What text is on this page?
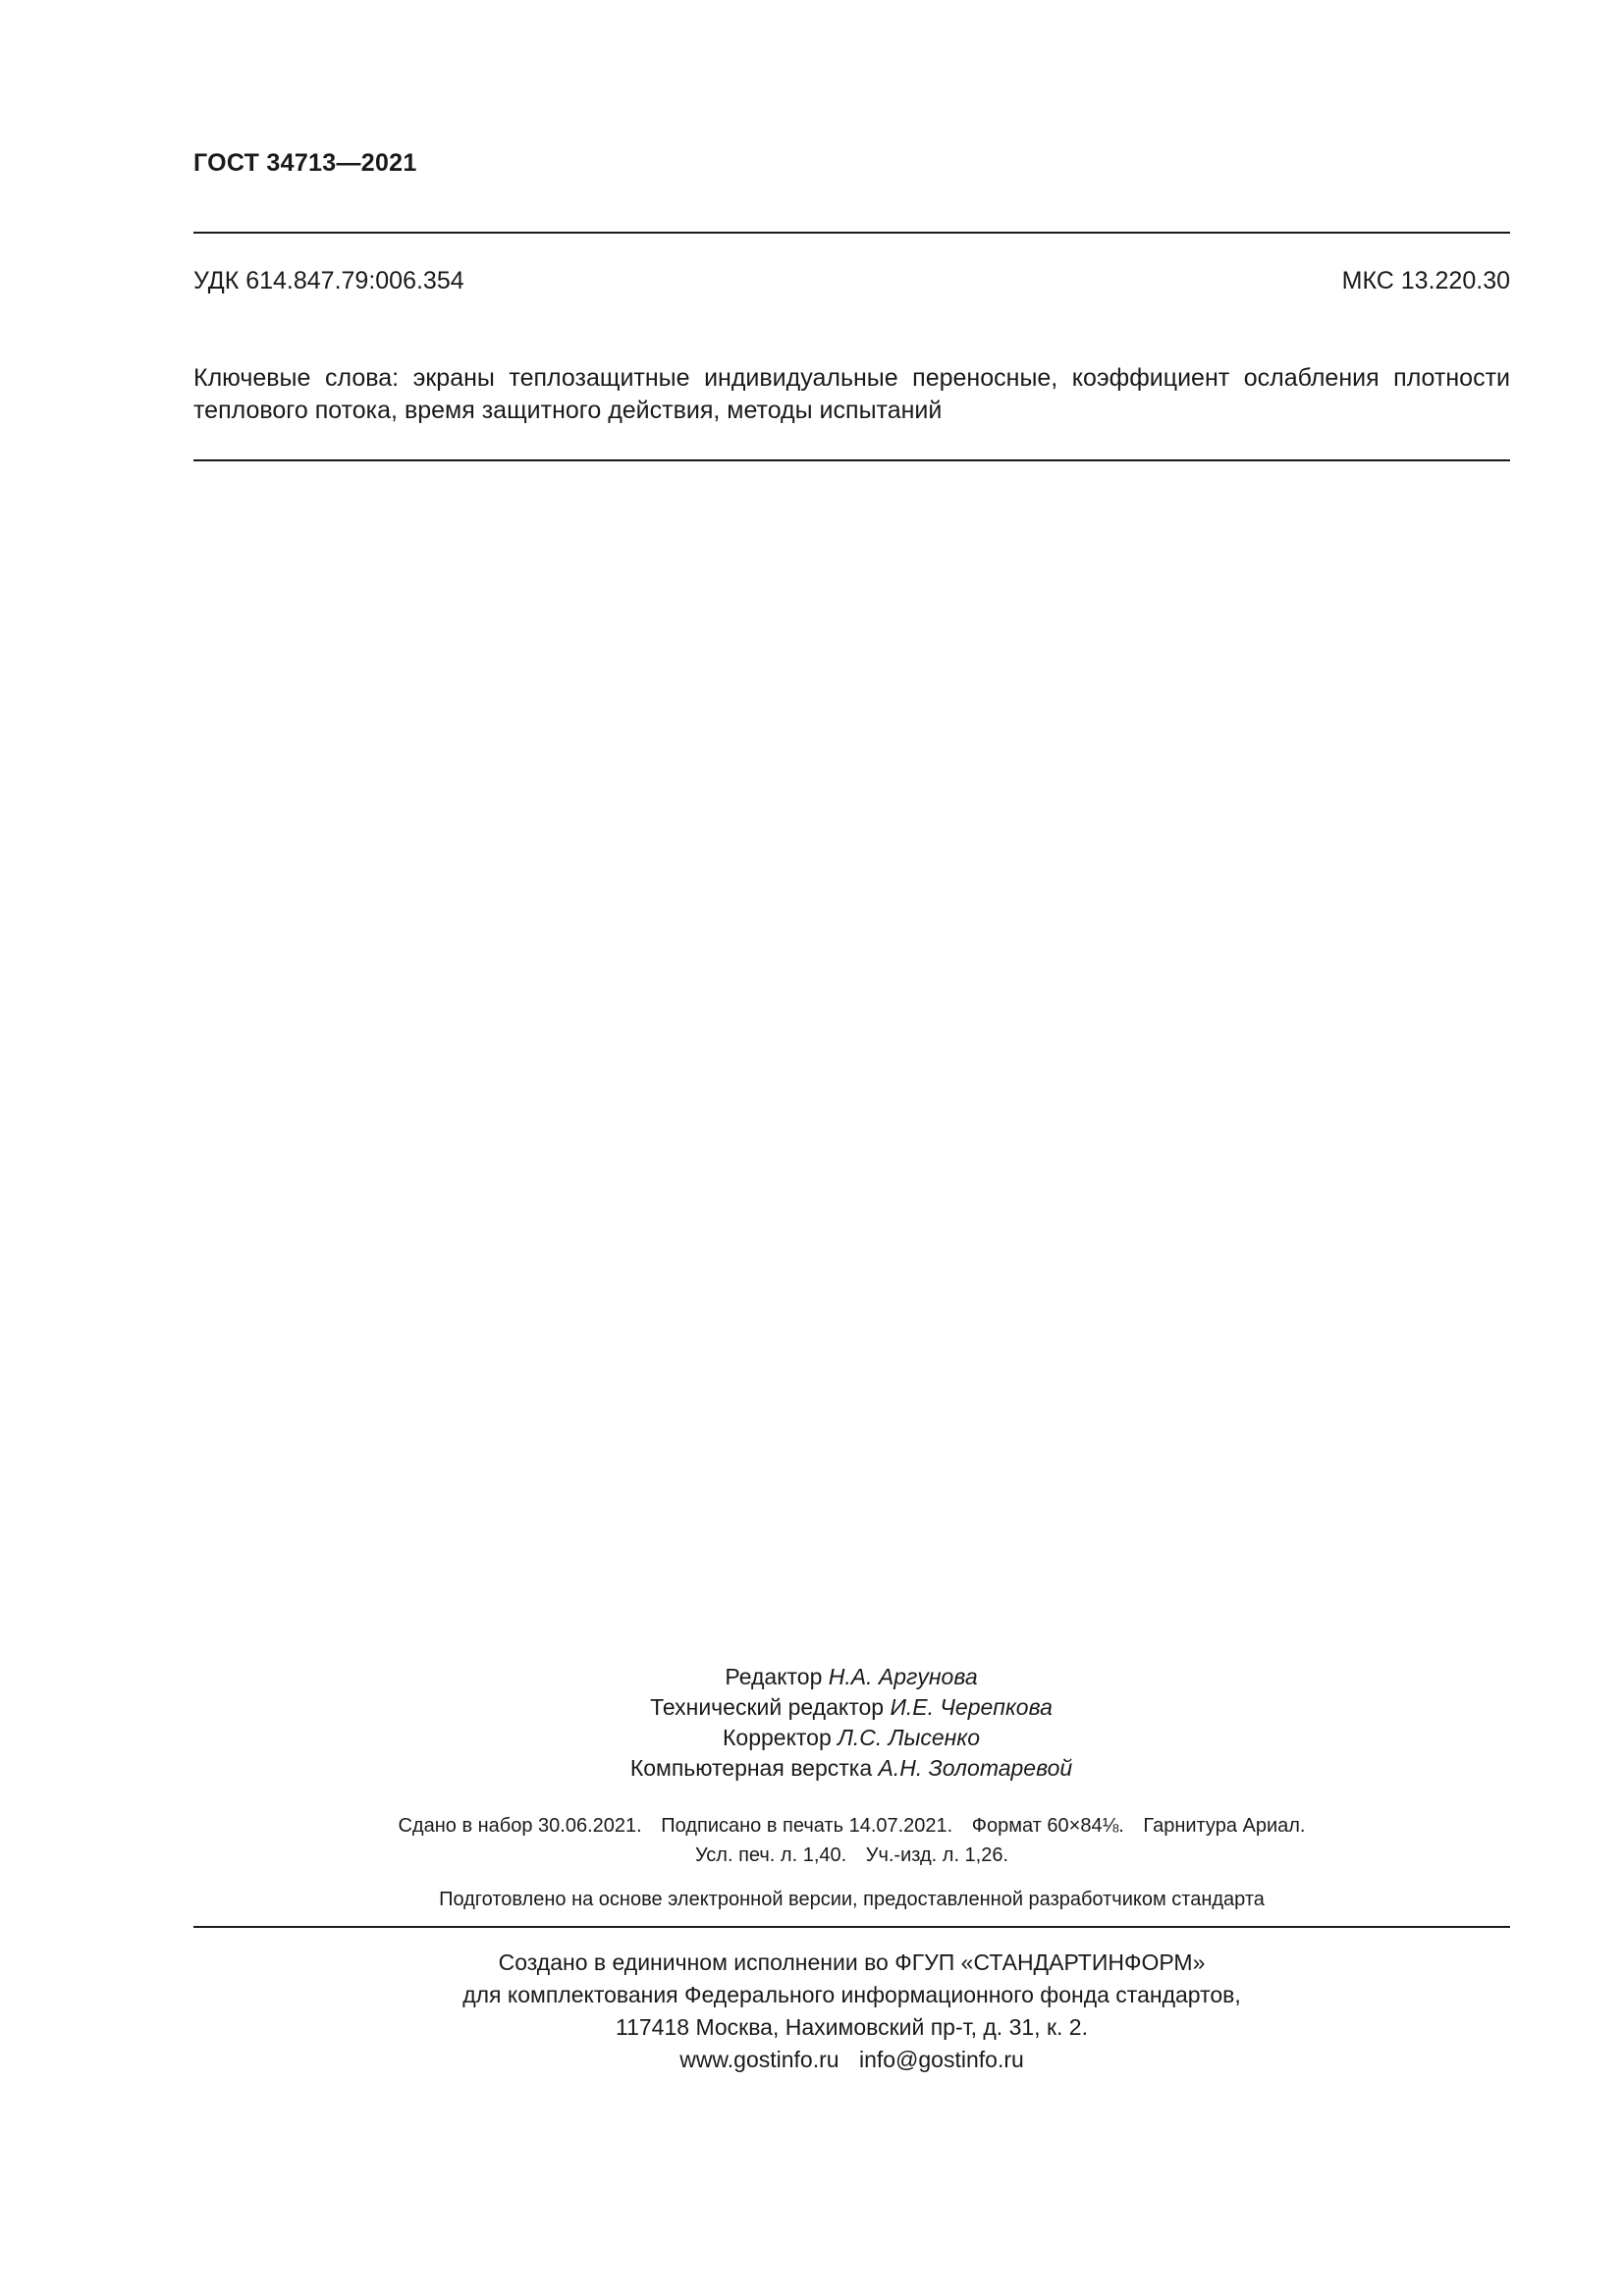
ГОСТ 34713—2021
УДК 614.847.79:006.354	МКС 13.220.30
Ключевые слова: экраны теплозащитные индивидуальные переносные, коэффициент ослабления плотности теплового потока, время защитного действия, методы испытаний
Редактор Н.А. Аргунова
Технический редактор И.Е. Черепкова
Корректор Л.С. Лысенко
Компьютерная верстка А.Н. Золотаревой
Сдано в набор 30.06.2021. Подписано в печать 14.07.2021. Формат 60×84⅛. Гарнитура Ариал.
Усл. печ. л. 1,40. Уч.-изд. л. 1,26.
Подготовлено на основе электронной версии, предоставленной разработчиком стандарта
Создано в единичном исполнении во ФГУП «СТАНДАРТИНФОРМ»
для комплектования Федерального информационного фонда стандартов,
117418 Москва, Нахимовский пр-т, д. 31, к. 2.
www.gostinfo.ru info@gostinfo.ru
